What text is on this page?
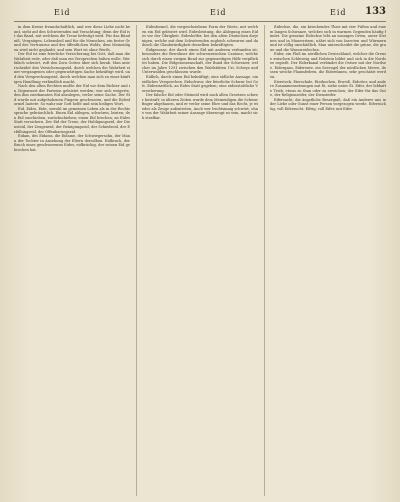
Eid	Eid	Eid 133

in dem Kreise freundschaftlich, und wer diese Liebe nicht kennt, sieht auf den Schwörenden mit Verachtung; denn der Eid ist das Band, mit welchem die Treue befestigt wird. Für das Bündniß, Vergnügen, Lebensheil und für die Menschen, ein fester Grund des Vertrauens und des öffentlichen Wohls; dem Meineidigen wird nicht geglaubt, und sein Wort ist ohne Werth.

Der Eid ist eine feierliche Versicherung bei Gott, daß man die Wahrheit rede, oder daß man ein Versprechen halten wolle. Wer falsch schwört, ruft den Zorn Gottes über sich herab. Man unterscheidet den Versicherungseid, durch welchen die Wahrheit einer vergangenen oder gegenwärtigen Sache bekräftigt wird, und den Versprechungseid, durch welchen man sich zu einer künftigen Handlung verbindlich macht.

Nach den alten Rechten mußte der Eid vor dem Richter und in Gegenwart der Parteien geleistet werden; wer sich weigerte, den ihm zuerkannten Eid abzulegen, verlor seine Sache. Der Eid wurde mit aufgehobenen Fingern geschworen, und die Eidesformel lautete: So wahr mir Gott helfe und sein heiliges Wort.

Eid, Eides, Eide, sowohl im gemeinen Leben als in der Rechtssprache gebräuchlich. Einen Eid ablegen, schwören, leisten; den Eid zuschieben, zurückschieben; einen Eid brechen; an Eides Statt versichern. Der Eid der Treue, der Huldigungseid, der Diensteid, der Zeugeneid, der Reinigungseid, der Schiedseid, der Erfüllungseid, der Offenbarungseid.

Eidam, des Eidams, die Eidame, der Schwiegersohn, der Mann der Tochter in Ansehung der Eltern derselben. Eidbruch, der Bruch eines geschworenen Eides; eidbrüchig, der seinen Eid gebrochen hat.

Eidesformel, die vorgeschriebene Form der Worte, mit welchen ein Eid geleistet wird. Eidesleistung, die Ablegung eines Eides vor der Obrigkeit. Eideshelfer, bei den alten Deutschen diejenigen, welche mit dem Schwörenden zugleich schwuren und dadurch die Glaubwürdigkeit desselben bekräftigten.

Eidgenosse, der durch einen Eid mit anderen verbunden ist; besonders die Bewohner der schweizerischen Cantone, welche sich durch einen ewigen Bund zur gegenseitigen Hilfe verpflichtet haben. Die Eidgenossenschaft, der Bund der Schweizer, welcher im Jahre 1291 zwischen den Waldstätten Uri, Schwyz und Unterwalden geschlossen wurde.

Eidlich, durch einen Eid bekräftigt; eine eidliche Aussage, ein eidliches Versprechen. Eidschwur, der feierliche Schwur bei Gott. Eidesstattlich, an Eides Statt gegeben; eine eidesstattliche Versicherung.

Der falsche Eid oder Meineid wird nach allen Gesetzen schwer bestraft; in älteren Zeiten wurde dem Meineidigen die Schwurfinger abgehauen, und er verlor seine Ehre und das Recht, je wieder als Zeuge aufzutreten. Auch wer leichtsinnig schwört, ohne von der Wahrheit seiner Aussage überzeugt zu sein, macht sich strafbar.

Eidechse, die, ein kriechendes Thier mit vier Füßen und einem langen Schwanze, welches sich in warmen Gegenden häufig findet. Die gemeine Eidechse lebt an sonnigen Orten, unter Steinen und in Mauerritzen, nährt sich von Insecten und Würmern und ist völlig unschädlich. Man unterscheidet die grüne, die graue und die Wassereidechse.

Eider, ein Fluß im nördlichen Deutschland, welcher die Grenze zwischen Schleswig und Holstein bildet und sich in die Nordsee ergießt. Der Eiderkanal verbindet die Ostsee mit der Nordsee. Eidergans, Eiderente, ein Seevogel der nördlichen Meere, dessen weiche Flaumfedern, die Eiderdunen, sehr geschätzt werden.

Eierstock, Eierschale, Eierkuchen, Eiweiß, Eidotter, und andere Zusammensetzungen mit Ei, siehe unter Ei. Eifer, der lebhafte Trieb, etwas zu thun oder zu erreichen; der Eifer für das Gute, der Religionseifer, der Diensteifer.

Eifersucht, die ängstliche Besorgniß, daß ein Anderer uns in der Liebe oder Gunst einer Person vorgezogen werde. Eifersüchtig, voll Eifersucht. Eifrig, voll Eifer, mit Eifer.
